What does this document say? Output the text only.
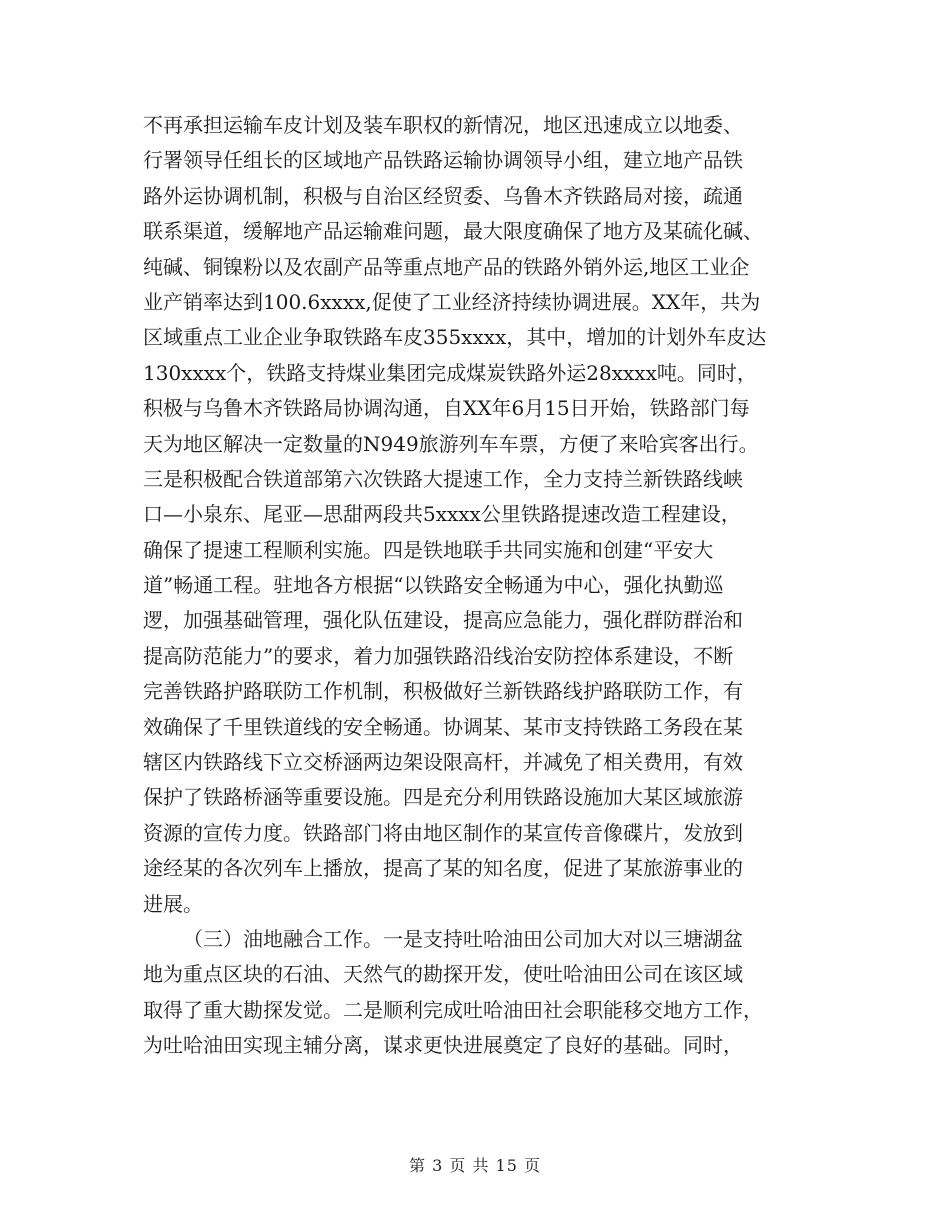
不再承担运输车皮计划及装车职权的新情况，地区迅速成立以地委、
行署领导任组长的区域地产品铁路运输协调领导小组，建立地产品铁
路外运协调机制，积极与自治区经贸委、乌鲁木齐铁路局对接，疏通
联系渠道，缓解地产品运输难问题，最大限度确保了地方及某硫化碱、
纯碱、铜镍粉以及农副产品等重点地产品的铁路外销外运,地区工业企
业产销率达到100.6xxxx,促使了工业经济持续协调进展。XX年，共为
区域重点工业企业争取铁路车皮355xxxx，其中，增加的计划外车皮达
130xxxx个，铁路支持煤业集团完成煤炭铁路外运28xxxx吨。同时，
积极与乌鲁木齐铁路局协调沟通，自XX年6月15日开始，铁路部门每
天为地区解决一定数量的N949旅游列车车票，方便了来哈宾客出行。
三是积极配合铁道部第六次铁路大提速工作，全力支持兰新铁路线峡
口—小泉东、尾亚—思甜两段共5xxxx公里铁路提速改造工程建设，
确保了提速工程顺利实施。四是铁地联手共同实施和创建“平安大
道”畅通工程。驻地各方根据“以铁路安全畅通为中心，强化执勤巡
逻，加强基础管理，强化队伍建设，提高应急能力，强化群防群治和
提高防范能力”的要求，着力加强铁路沿线治安防控体系建设，不断
完善铁路护路联防工作机制，积极做好兰新铁路线护路联防工作，有
效确保了千里铁道线的安全畅通。协调某、某市支持铁路工务段在某
辖区内铁路线下立交桥涵两边架设限高杆，并减免了相关费用，有效
保护了铁路桥涵等重要设施。四是充分利用铁路设施加大某区域旅游
资源的宣传力度。铁路部门将由地区制作的某宣传音像碟片，发放到
途经某的各次列车上播放，提高了某的知名度，促进了某旅游事业的
进展。
（三）油地融合工作。一是支持吐哈油田公司加大对以三塘湖盆
地为重点区块的石油、天然气的勘探开发，使吐哈油田公司在该区域
取得了重大勘探发觉。二是顺利完成吐哈油田社会职能移交地方工作，
为吐哈油田实现主辅分离，谋求更快进展奠定了良好的基础。同时，
第 3 页 共 15 页
